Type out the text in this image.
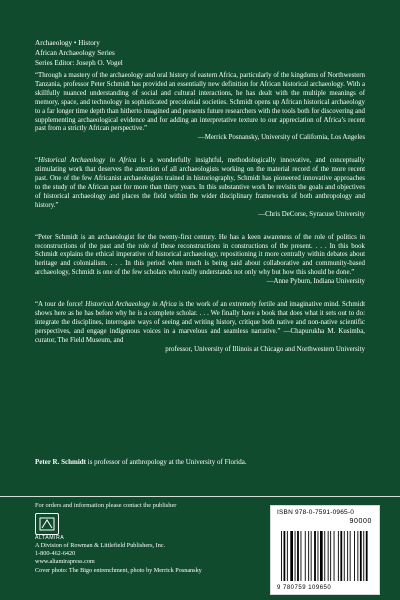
Archaeology • History
African Archaeology Series
Series Editor: Joseph O. Vogel
“Through a mastery of the archaeology and oral history of eastern Africa, particularly of the kingdoms of Northwestern Tanzania, professor Peter Schmidt has provided an essentially new definition for African historical archaeology. With a skillfully nuanced understanding of social and cultural interactions, he has dealt with the multiple meanings of memory, space, and technology in sophisticated precolonial societies. Schmidt opens up African historical archaeology to a far longer time depth than hitherto imagined and presents future researchers with the tools both for discovering and supplementing archaeological evidence and for adding an interpretative texture to our appreciation of Africa’s recent past from a strictly African perspective.”
—Merrick Posnansky, University of California, Los Angeles
“Historical Archaeology in Africa is a wonderfully insightful, methodologically innovative, and conceptually stimulating work that deserves the attention of all archaeologists working on the material record of the more recent past. One of the few Africanist archaeologists trained in historiography, Schmidt has pioneered innovative approaches to the study of the African past for more than thirty years. In this substantive work he revisits the goals and objectives of historical archaeology and places the field within the wider disciplinary frameworks of both anthropology and history.”
—Chris DeCorse, Syracuse University
“Peter Schmidt is an archaeologist for the twenty-first century. He has a keen awareness of the role of politics in reconstructions of the past and the role of these reconstructions in constructions of the present. . . . In this book Schmidt explains the ethical imperative of historical archaeology, repositioning it more centrally within debates about heritage and colonialism. . . . In this period when much is being said about collaborative and community-based archaeology, Schmidt is one of the few scholars who really understands not only why but how this should be done.”
—Anne Pyburn, Indiana University
“A tour de force! Historical Archaeology in Africa is the work of an extremely fertile and imaginative mind. Schmidt shows here as he has before why he is a complete scholar. . . . We finally have a book that does what it sets out to do: integrate the disciplines, interrogate ways of seeing and writing history, critique both native and non-native scientific perspectives, and engage indigenous voices in a marvelous and seamless narrative.” —Chapurukha M. Kusimba, curator, The Field Museum, and
professor, University of Illinois at Chicago and Northwestern University
Peter R. Schmidt is professor of anthropology at the University of Florida.
For orders and information please contact the publisher
ALTAMIRA
A Division of Rowman & Littlefield Publishers, Inc.
1-800-462-6420
www.altamirapress.com
Cover photo: The Bigo entrenchment, photo by Merrick Posnansky
ISBN 978-0-7591-0965-0
90000
9 780759 109650
